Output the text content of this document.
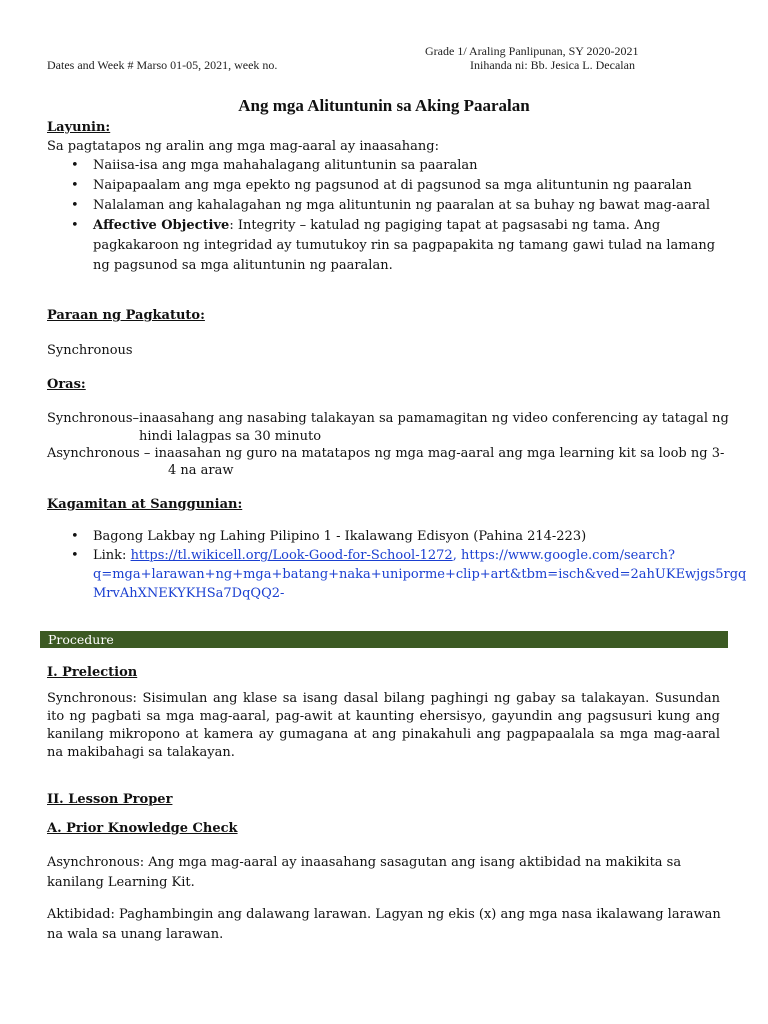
Grade 1/ Araling Panlipunan, SY 2020-2021
Dates and Week # Marso 01-05, 2021, week no.	Inihanda ni: Bb. Jesica L. Decalan
Ang mga Alituntunin sa Aking Paaralan
Layunin:
Sa pagtatapos ng aralin ang mga mag-aaral ay inaasahang:
• Naiisa-isa ang mga mahahalagang alituntunin sa paaralan
• Naipapaalam ang mga epekto ng pagsunod at di pagsunod sa mga alituntunin ng paaralan
• Nalalaman ang kahalagahan ng mga alituntunin ng paaralan at sa buhay ng bawat mag-aaral
• Affective Objective: Integrity – katulad ng pagiging tapat at pagsasabi ng tama. Ang
pagkakaroon ng integridad ay tumutukoy rin sa pagpapakita ng tamang gawi tulad na lamang
ng pagsunod sa mga alituntunin ng paaralan.
Paraan ng Pagkatuto:
Synchronous
Oras:
Synchronous–inaasahang ang nasabing talakayan sa pamamagitan ng video conferencing ay tatagal ng
hindi lalagpas sa 30 minuto
Asynchronous – inaasahan ng guro na matatapos ng mga mag-aaral ang mga learning kit sa loob ng 3-
4 na araw
Kagamitan at Sanggunian:
• Bagong Lakbay ng Lahing Pilipino 1 - Ikalawang Edisyon (Pahina 214-223)
• Link: https://tl.wikicell.org/Look-Good-for-School-1272, https://www.google.com/search?
q=mga+larawan+ng+mga+batang+naka+uniporme+clip+art&tbm=isch&ved=2ahUKEwjgs5rgq
MrvAhXNEKYKHSa7DqQQ2-
Procedure
I. Prelection
Synchronous: Sisimulan ang klase sa isang dasal bilang paghingi ng gabay sa talakayan. Susundan ito ng pagbati sa mga mag-aaral, pag-awit at kaunting ehersisyo, gayundin ang pagsusuri kung ang kanilang mikropono at kamera ay gumagana at ang pinakahuli ang pagpapaalala sa mga mag-aaral na makibahagi sa talakayan.
II. Lesson Proper
A. Prior Knowledge Check
Asynchronous: Ang mga mag-aaral ay inaasahang sasagutan ang isang aktibidad na makikita sa
kanilang Learning Kit.
Aktibidad: Paghambingin ang dalawang larawan. Lagyan ng ekis (x) ang mga nasa ikalawang larawan
na wala sa unang larawan.
